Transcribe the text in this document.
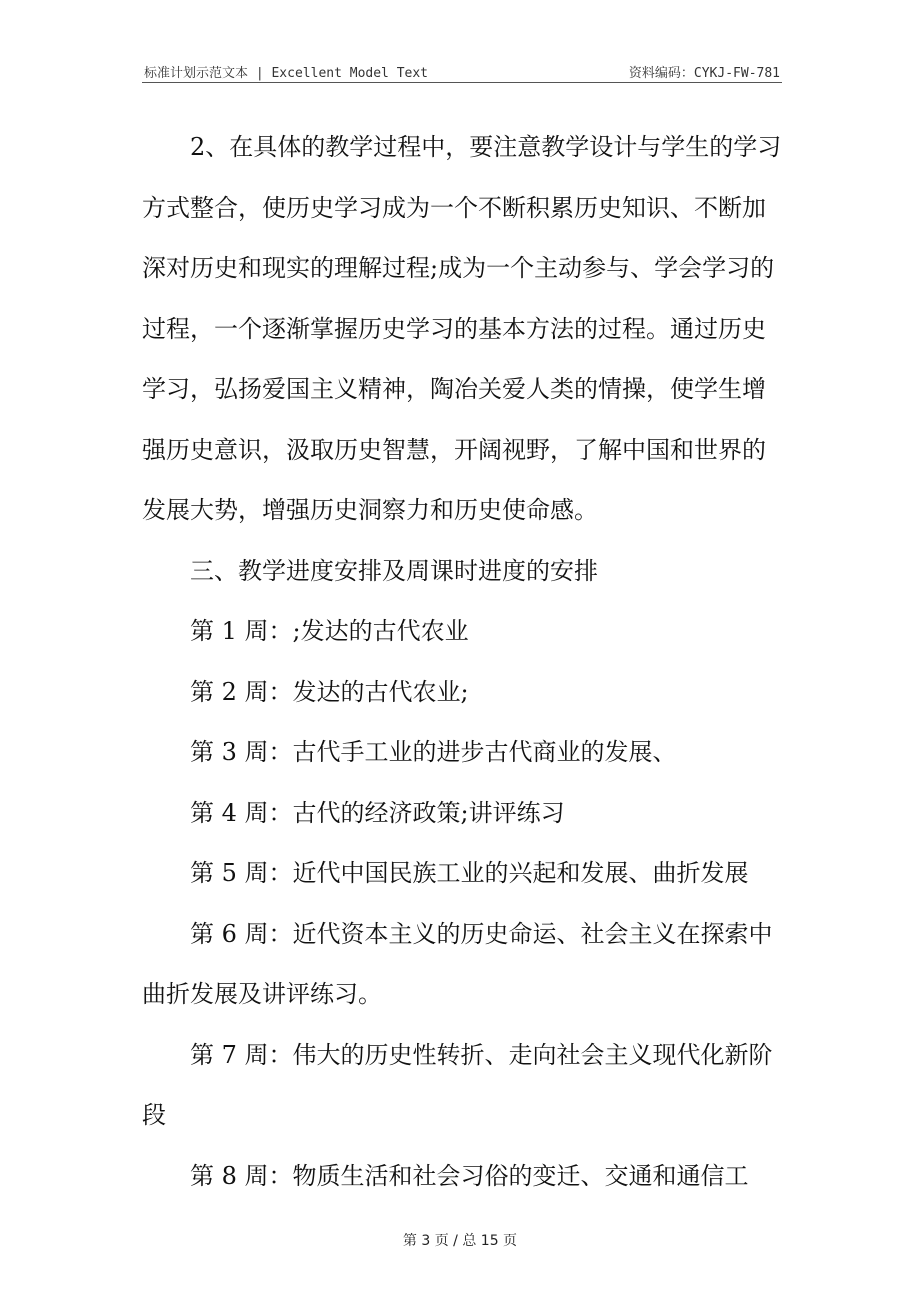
标准计划示范文本 | Excellent Model Text	资料编码：CYKJ-FW-781

2、在具体的教学过程中，要注意教学设计与学生的学习方式整合，使历史学习成为一个不断积累历史知识、不断加深对历史和现实的理解过程;成为一个主动参与、学会学习的过程，一个逐渐掌握历史学习的基本方法的过程。通过历史学习，弘扬爱国主义精神，陶冶关爱人类的情操，使学生增强历史意识，汲取历史智慧，开阔视野，了解中国和世界的发展大势，增强历史洞察力和历史使命感。

三、教学进度安排及周课时进度的安排

第 1 周：;发达的古代农业

第 2 周：发达的古代农业;

第 3 周：古代手工业的进步古代商业的发展、

第 4 周：古代的经济政策;讲评练习

第 5 周：近代中国民族工业的兴起和发展、曲折发展

第 6 周：近代资本主义的历史命运、社会主义在探索中曲折发展及讲评练习。

第 7 周：伟大的历史性转折、走向社会主义现代化新阶段

第 8 周：物质生活和社会习俗的变迁、交通和通信工

第 3 页 / 总 15 页
